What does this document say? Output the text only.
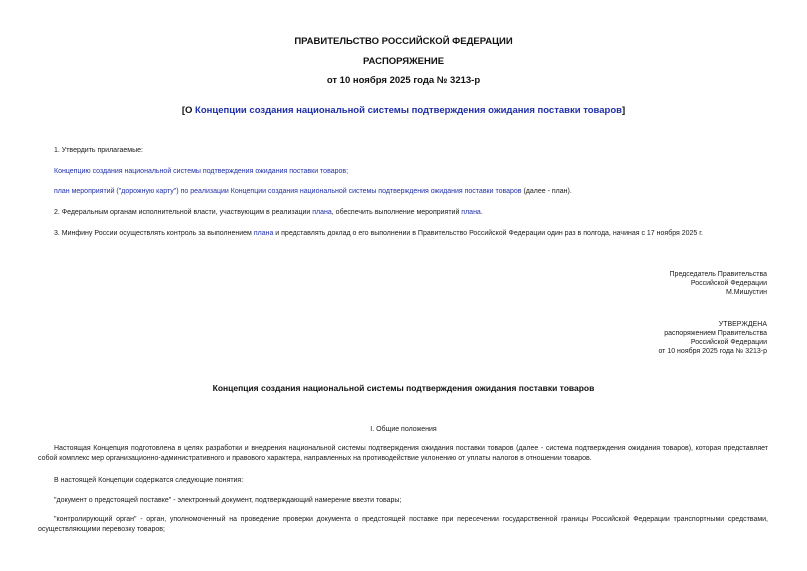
ПРАВИТЕЛЬСТВО РОССИЙСКОЙ ФЕДЕРАЦИИ
РАСПОРЯЖЕНИЕ
от 10 ноября 2025 года № 3213-р
[О Концепции создания национальной системы подтверждения ожидания поставки товаров]
1. Утвердить прилагаемые:
Концепцию создания национальной системы подтверждения ожидания поставки товаров;
план мероприятий ("дорожную карту") по реализации Концепции создания национальной системы подтверждения ожидания поставки товаров (далее - план).
2. Федеральным органам исполнительной власти, участвующим в реализации плана, обеспечить выполнение мероприятий плана.
3. Минфину России осуществлять контроль за выполнением плана и представлять доклад о его выполнении в Правительство Российской Федерации один раз в полгода, начиная с 17 ноября 2025 г.
Председатель Правительства
Российской Федерации
М.Мишустин
УТВЕРЖДЕНА
распоряжением Правительства
Российской Федерации
от 10 ноября 2025 года № 3213-р
Концепция создания национальной системы подтверждения ожидания поставки товаров
I. Общие положения
Настоящая Концепция подготовлена в целях разработки и внедрения национальной системы подтверждения ожидания поставки товаров (далее - система подтверждения ожидания товаров), которая представляет собой комплекс мер организационно-административного и правового характера, направленных на противодействие уклонению от уплаты налогов в отношении товаров.
В настоящей Концепции содержатся следующие понятия:
"документ о предстоящей поставке" - электронный документ, подтверждающий намерение ввезти товары;
"контролирующий орган" - орган, уполномоченный на проведение проверки документа о предстоящей поставке при пересечении государственной границы Российской Федерации транспортными средствами, осуществляющими перевозку товаров;
